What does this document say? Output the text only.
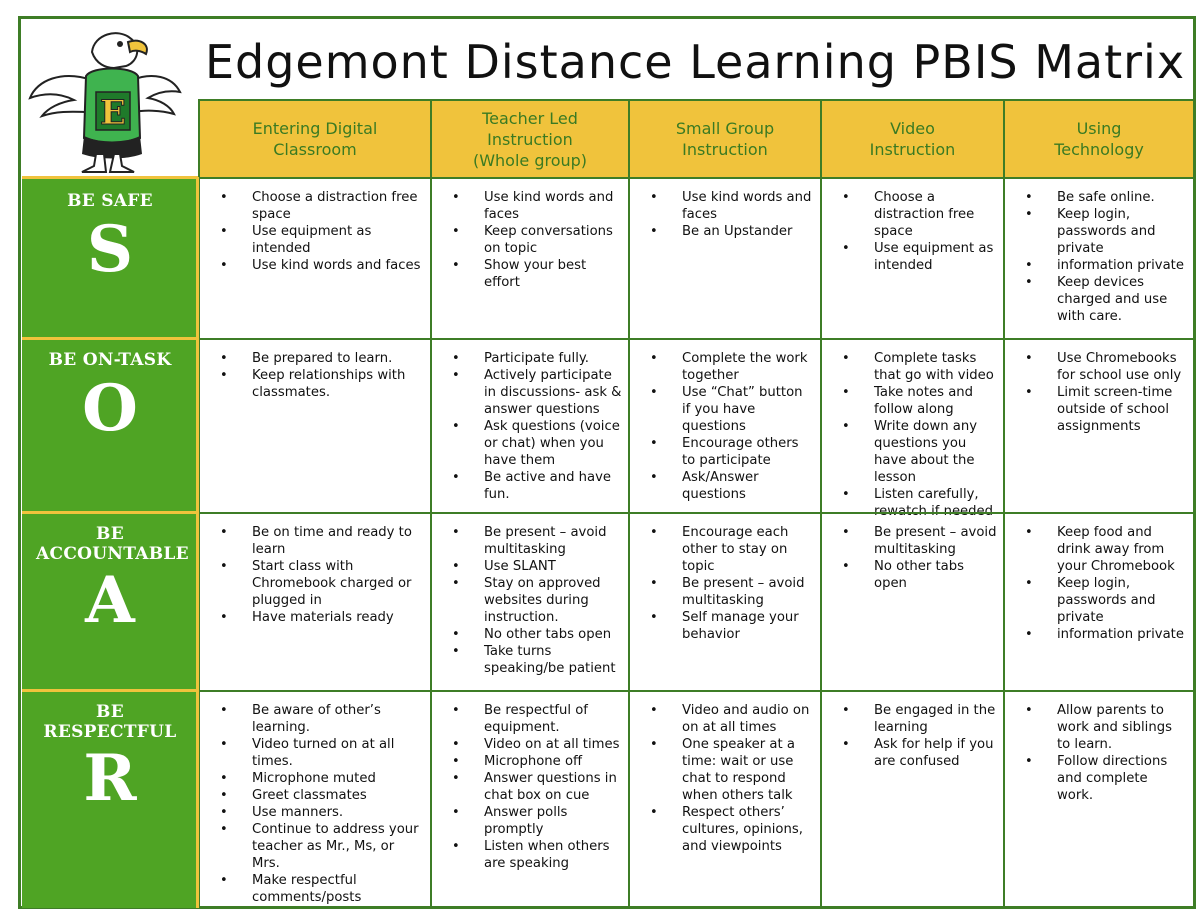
E
Edgemont Distance Learning PBIS Matrix
Entering Digital
Classroom
Teacher Led
Instruction
(Whole group)
Small Group
Instruction
Video
Instruction
Using
Technology
BE SAFE
S
• Choose a distraction free space
• Use equipment as intended
• Use kind words and faces
• Use kind words and faces
• Keep conversations on topic
• Show your best effort
• Use kind words and faces
• Be an Upstander
• Choose a distraction free space
• Use equipment as intended
• Be safe online.
• Keep login, passwords and private
• information private
• Keep devices charged and use with care.
BE ON-TASK
O
• Be prepared to learn.
• Keep relationships with classmates.
• Participate fully.
• Actively participate in discussions- ask & answer questions
• Ask questions (voice or chat) when you have them
• Be active and have fun.
• Complete the work together
• Use “Chat” button if you have questions
• Encourage others to participate
• Ask/Answer questions
• Complete tasks that go with video
• Take notes and follow along
• Write down any questions you have about the lesson
• Listen carefully, rewatch if needed
• Use Chromebooks for school use only
• Limit screen-time outside of school assignments
BE ACCOUNTABLE
A
• Be on time and ready to learn
• Start class with Chromebook charged or plugged in
• Have materials ready
• Be present – avoid multitasking
• Use SLANT
• Stay on approved websites during instruction.
• No other tabs open
• Take turns speaking/be patient
• Encourage each other to stay on topic
• Be present – avoid multitasking
• Self manage your behavior
• Be present – avoid multitasking
• No other tabs open
• Keep food and drink away from your Chromebook
• Keep login, passwords and private
• information private
BE RESPECTFUL
R
• Be aware of other’s learning.
• Video turned on at all times.
• Microphone muted
• Greet classmates
• Use manners.
• Continue to address your teacher as Mr., Ms, or Mrs.
• Make respectful comments/posts
• Be respectful of equipment.
• Video on at all times
• Microphone off
• Answer questions in chat box on cue
• Answer polls promptly
• Listen when others are speaking
• Video and audio on on at all times
• One speaker at a time: wait or use chat to respond when others talk
• Respect others’ cultures, opinions, and viewpoints
• Be engaged in the learning
• Ask for help if you are confused
• Allow parents to work and siblings to learn.
• Follow directions and complete work.
